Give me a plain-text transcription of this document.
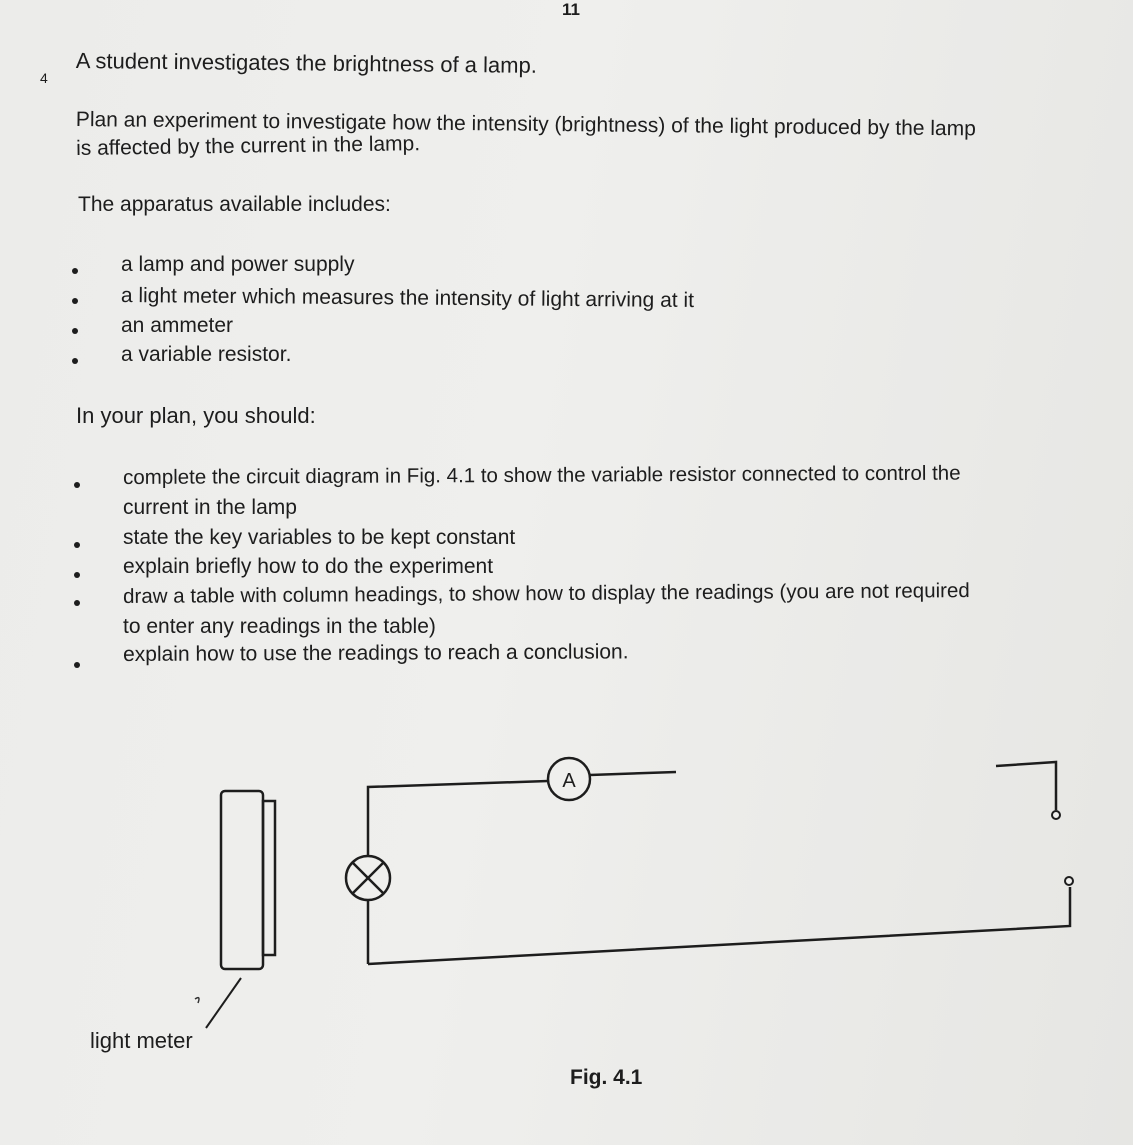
11
4
A student investigates the brightness of a lamp.
Plan an experiment to investigate how the intensity (brightness) of the light produced by the lamp
is affected by the current in the lamp.
The apparatus available includes:
a lamp and power supply
a light meter which measures the intensity of light arriving at it
an ammeter
a variable resistor.
In your plan, you should:
complete the circuit diagram in Fig. 4.1 to show the variable resistor connected to control the
current in the lamp
state the key variables to be kept constant
explain briefly how to do the experiment
draw a table with column headings, to show how to display the readings (you are not required
to enter any readings in the table)
explain how to use the readings to reach a conclusion.
A
light meter
Fig. 4.1
